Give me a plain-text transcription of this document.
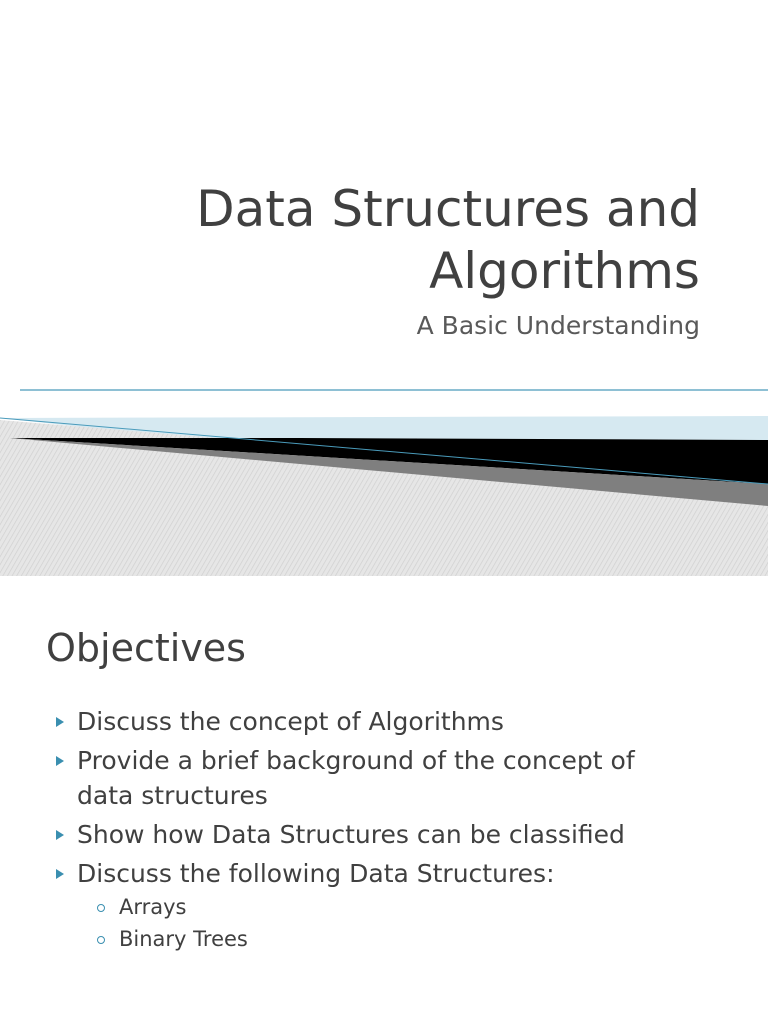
Data Structures and
Algorithms
A Basic Understanding
Objectives
Discuss the concept of Algorithms
Provide a brief background of the concept of
data structures
Show how Data Structures can be classified
Discuss the following Data Structures:
Arrays
Binary Trees
